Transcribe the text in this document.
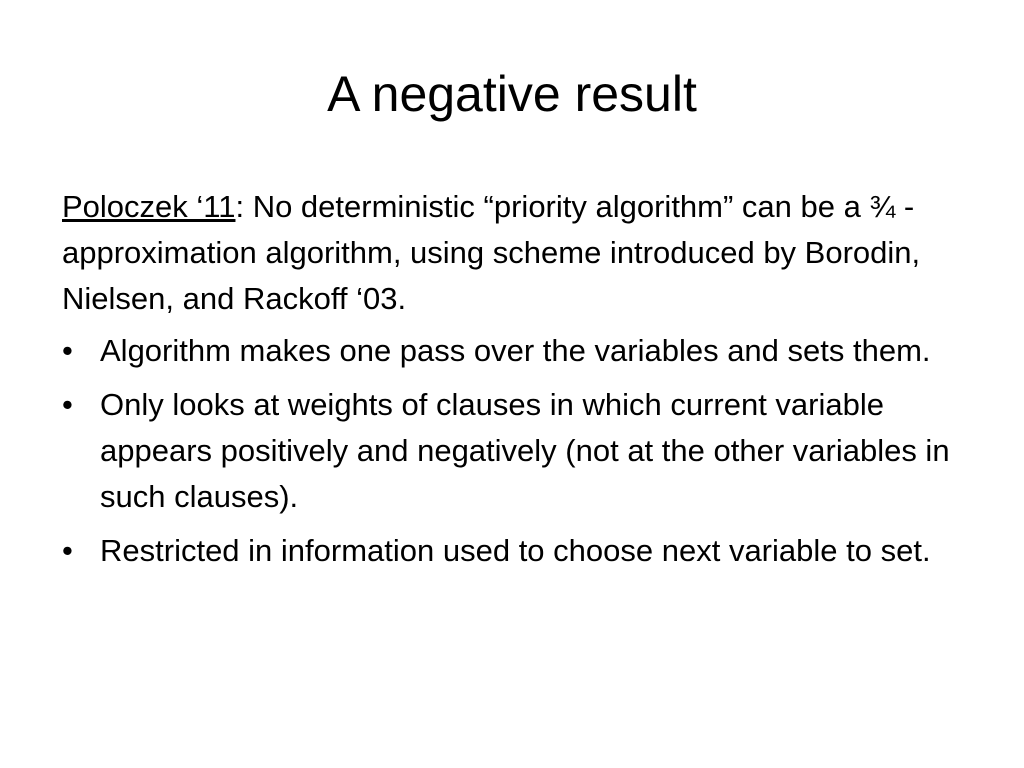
A negative result

Poloczek ‘11: No deterministic “priority algorithm” can be a ¾ -approximation algorithm, using scheme introduced by Borodin, Nielsen, and Rackoff ‘03.

• Algorithm makes one pass over the variables and sets them.
• Only looks at weights of clauses in which current variable appears positively and negatively (not at the other variables in such clauses).
• Restricted in information used to choose next variable to set.
